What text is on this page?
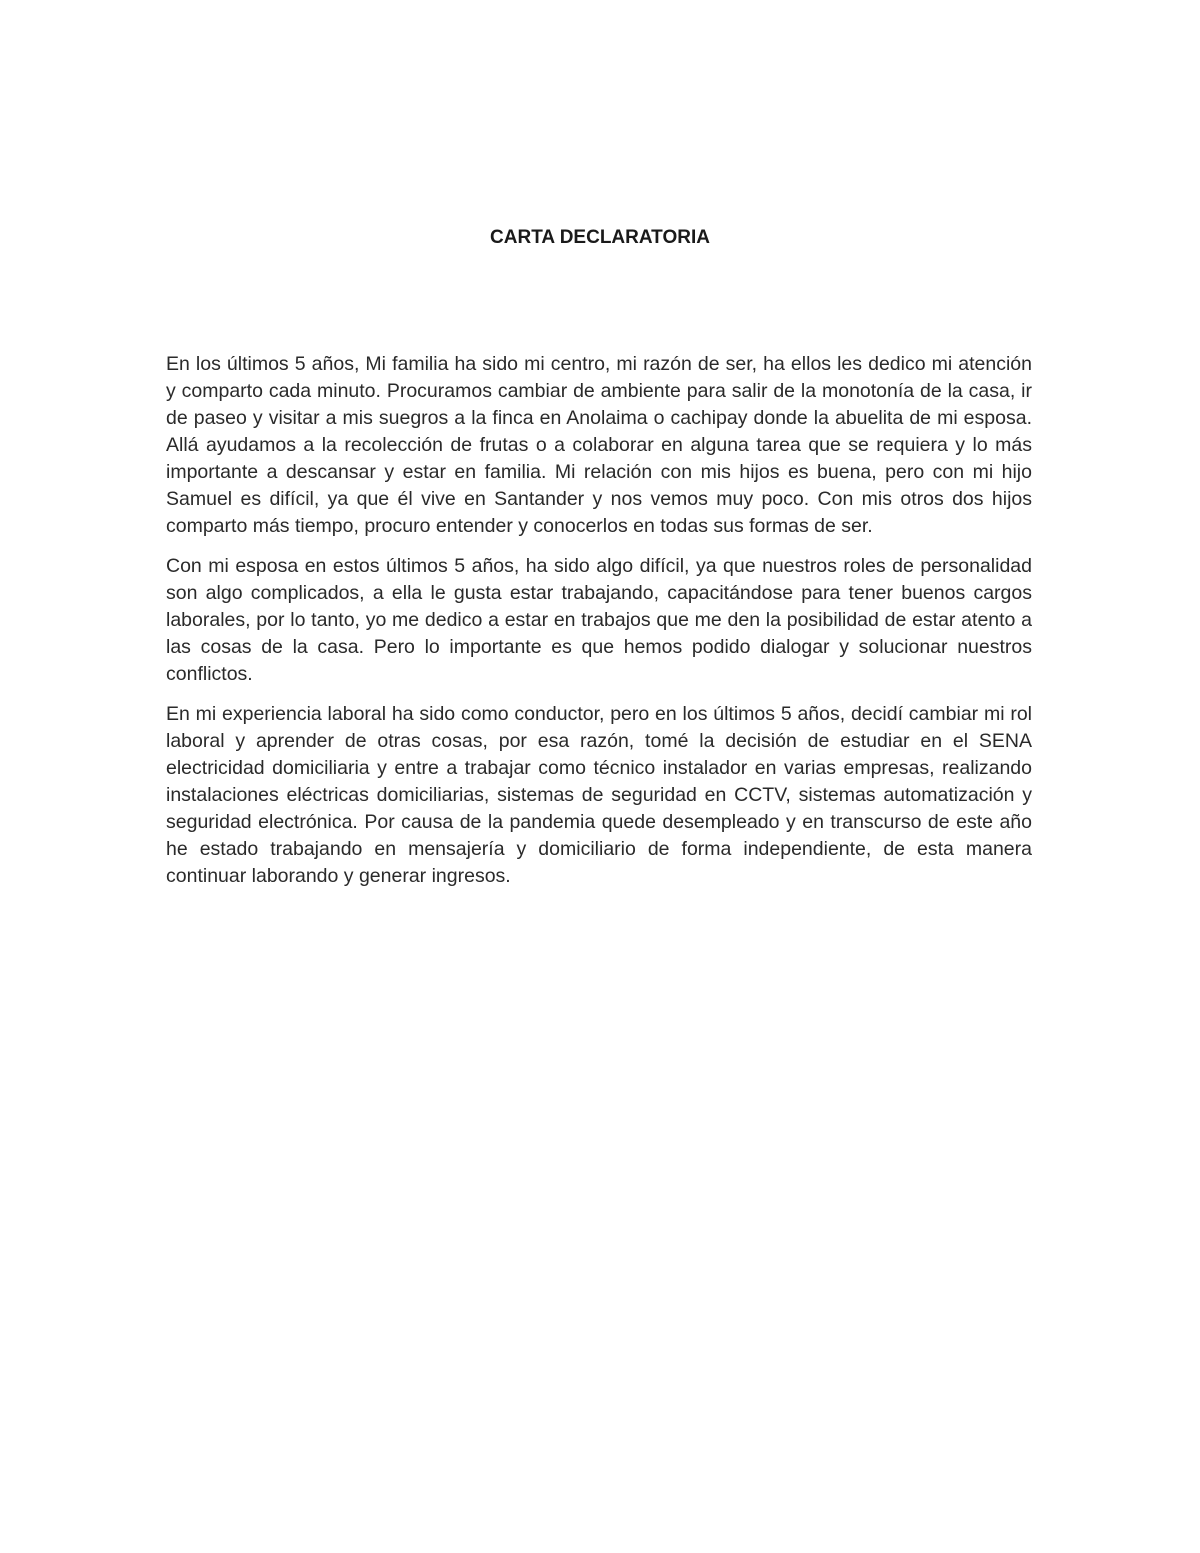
CARTA DECLARATORIA

En los últimos 5 años, Mi familia ha sido mi centro, mi razón de ser, ha ellos les dedico mi atención y comparto cada minuto. Procuramos cambiar de ambiente para salir de la monotonía de la casa, ir de paseo y visitar a mis suegros a la finca en Anolaima o cachipay donde la abuelita de mi esposa. Allá ayudamos a la recolección de frutas o a colaborar en alguna tarea que se requiera y lo más importante a descansar y estar en familia. Mi relación con mis hijos es buena, pero con mi hijo Samuel es difícil, ya que él vive en Santander y nos vemos muy poco. Con mis otros dos hijos comparto más tiempo, procuro entender y conocerlos en todas sus formas de ser.

Con mi esposa en estos últimos 5 años, ha sido algo difícil, ya que nuestros roles de personalidad son algo complicados, a ella le gusta estar trabajando, capacitándose para tener buenos cargos laborales, por lo tanto, yo me dedico a estar en trabajos que me den la posibilidad de estar atento a las cosas de la casa. Pero lo importante es que hemos podido dialogar y solucionar nuestros conflictos.

En mi experiencia laboral ha sido como conductor, pero en los últimos 5 años, decidí cambiar mi rol laboral y aprender de otras cosas, por esa razón, tomé la decisión de estudiar en el SENA electricidad domiciliaria y entre a trabajar como técnico instalador en varias empresas, realizando instalaciones eléctricas domiciliarias, sistemas de seguridad en CCTV, sistemas automatización y seguridad electrónica. Por causa de la pandemia quede desempleado y en transcurso de este año he estado trabajando en mensajería y domiciliario de forma independiente, de esta manera continuar laborando y generar ingresos.
